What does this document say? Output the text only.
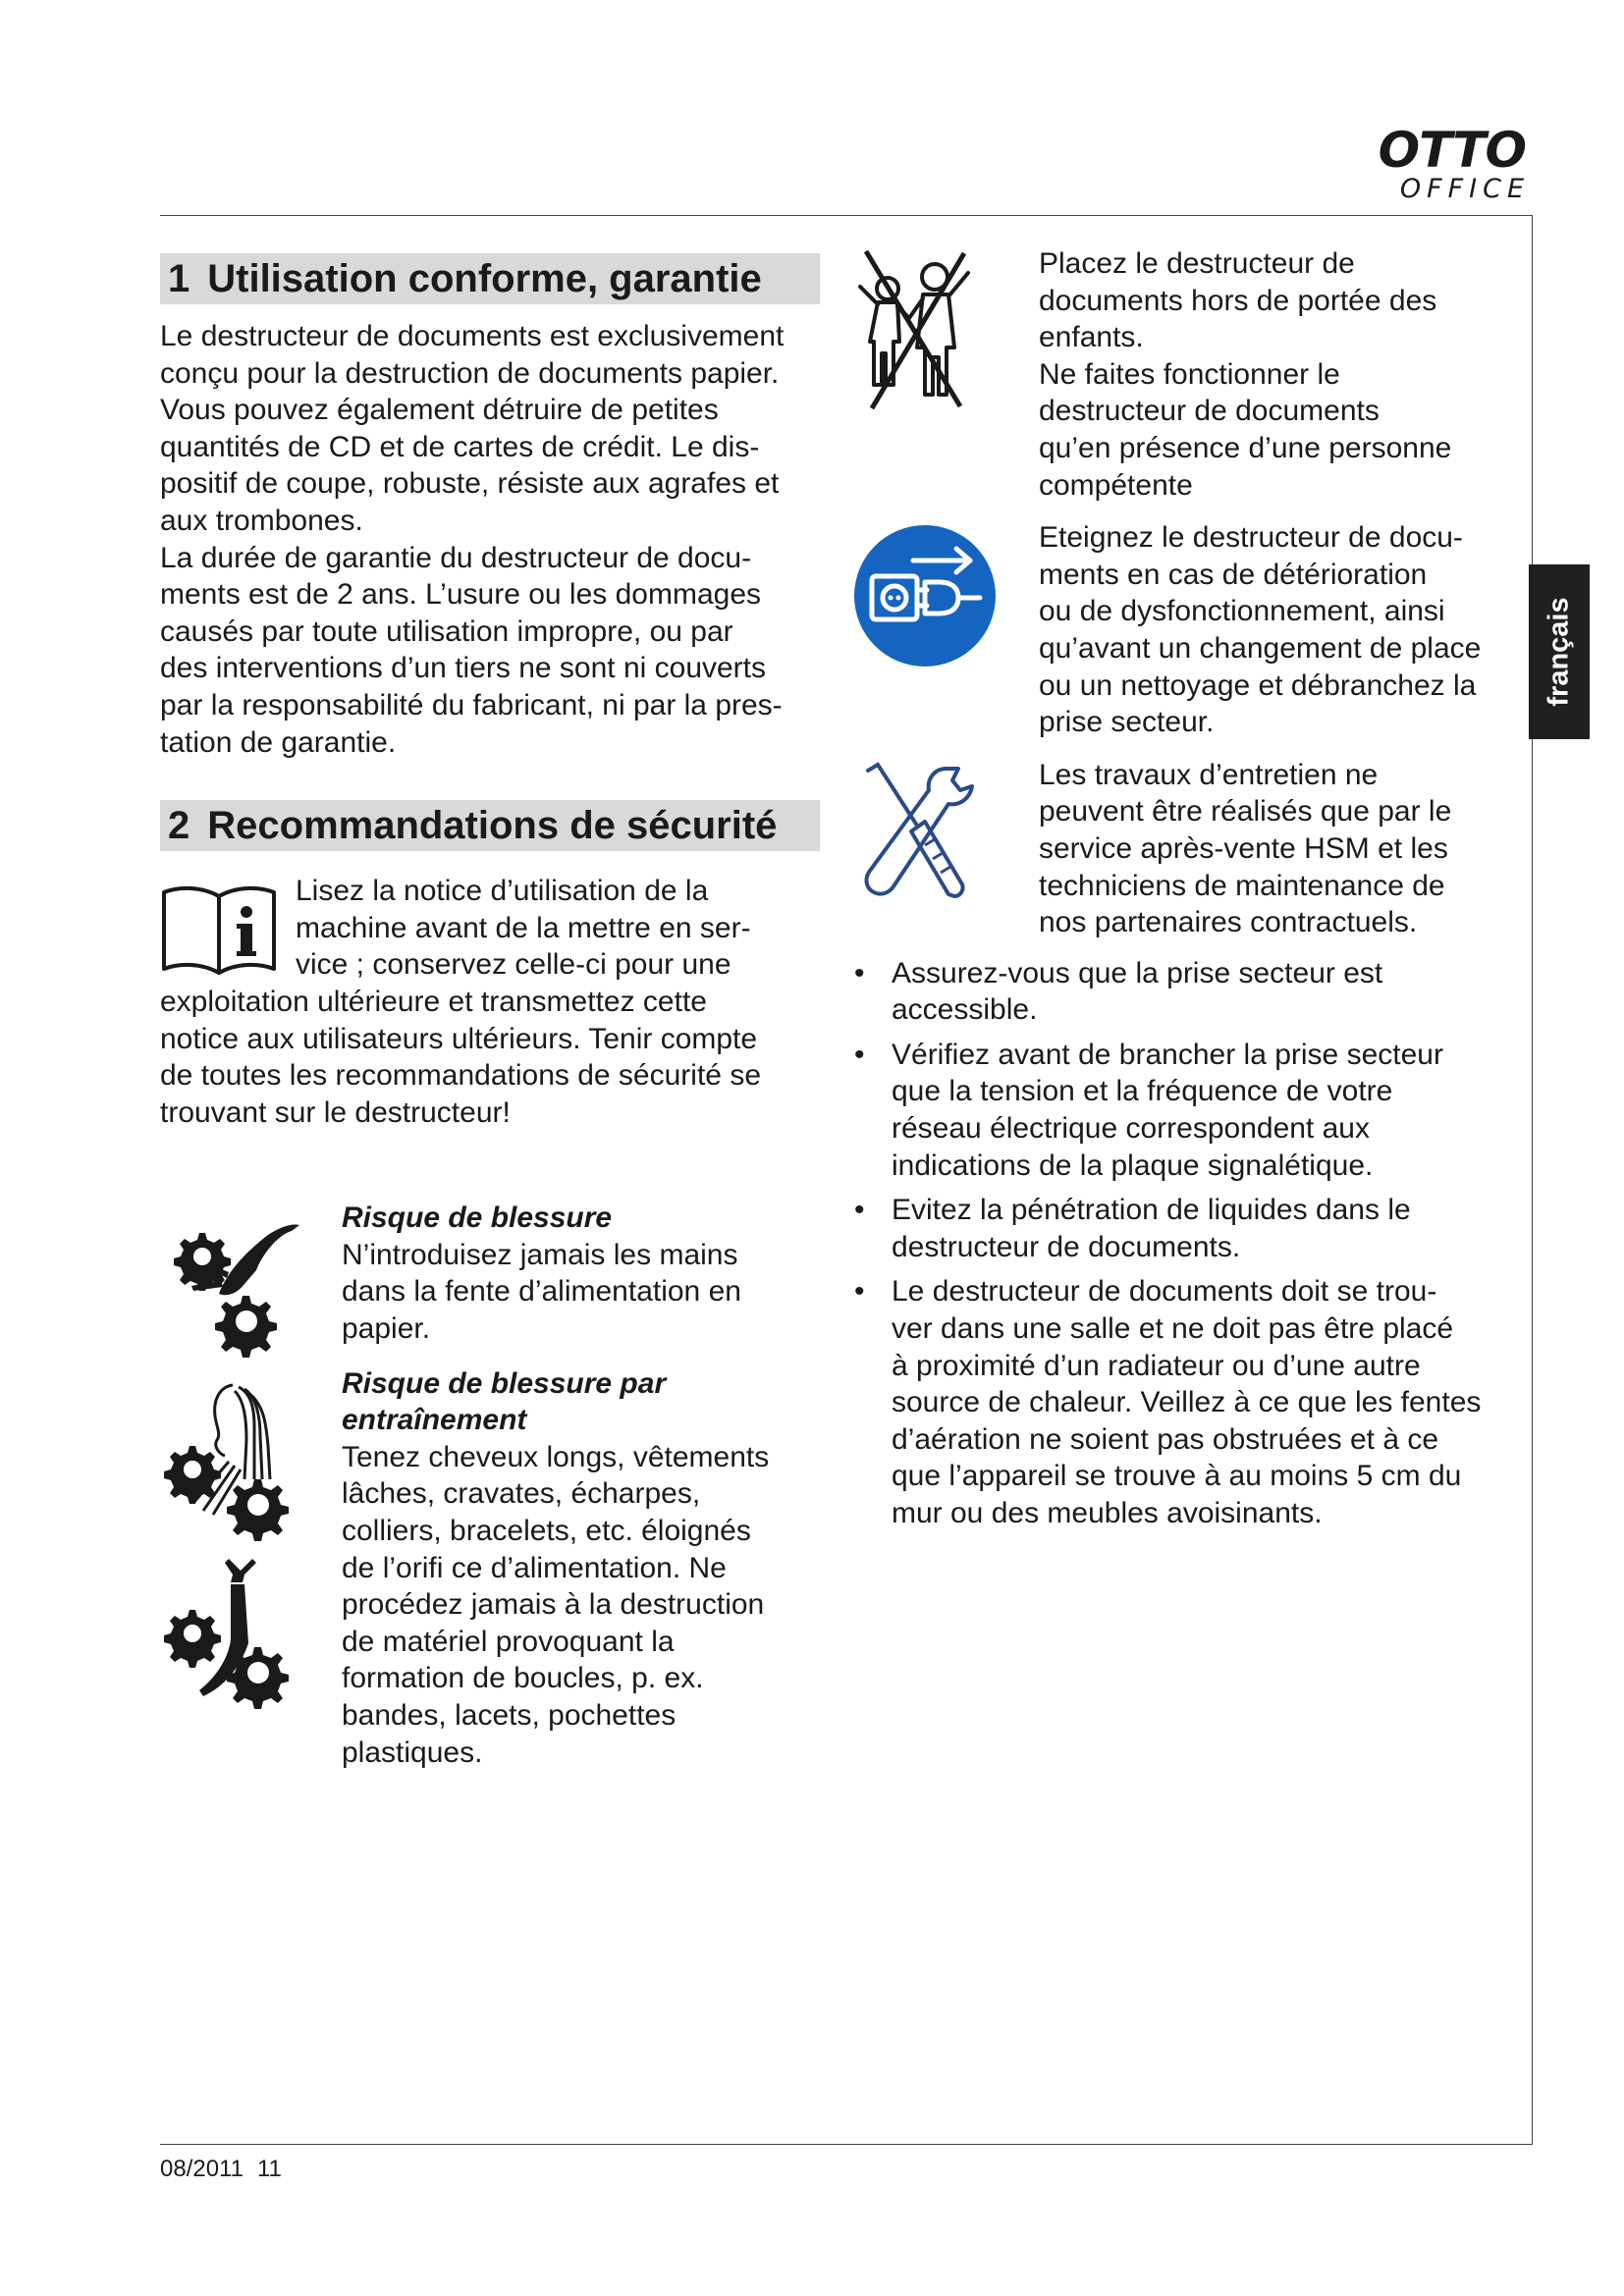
OTTO
OFFICE
français
1 Utilisation conforme, garantie

Le destructeur de documents est exclusivement
conçu pour la destruction de documents papier.
Vous pouvez également détruire de petites
quantités de CD et de cartes de crédit. Le dis-
positif de coupe, robuste, résiste aux agrafes et
aux trombones.

La durée de garantie du destructeur de docu-
ments est de 2 ans. L’usure ou les dommages
causés par toute utilisation impropre, ou par
des interventions d’un tiers ne sont ni couverts
par la responsabilité du fabricant, ni par la pres-
tation de garantie.

2 Recommandations de sécurité

Lisez la notice d’utilisation de la
machine avant de la mettre en ser-
vice ; conservez celle-ci pour une
exploitation ultérieure et transmettez cette
notice aux utilisateurs ultérieurs. Tenir compte
de toutes les recommandations de sécurité se
trouvant sur le destructeur!

Risque de blessure

N’introduisez jamais les mains
dans la fente d’alimentation en
papier.

Risque de blessure par
entraînement

Tenez cheveux longs, vêtements
lâches, cravates, écharpes,
colliers, bracelets, etc. éloignés
de l’orifi ce d’alimentation. Ne
procédez jamais à la destruction
de matériel provoquant la
formation de boucles, p. ex.
bandes, lacets, pochettes
plastiques.

Placez le destructeur de
documents hors de portée des
enfants.
Ne faites fonctionner le
destructeur de documents
qu’en présence d’une personne
compétente

Eteignez le destructeur de docu-
ments en cas de détérioration
ou de dysfonctionnement, ainsi
qu’avant un changement de place
ou un nettoyage et débranchez la
prise secteur.

Les travaux d’entretien ne
peuvent être réalisés que par le
service après-vente HSM et les
techniciens de maintenance de
nos partenaires contractuels.

• Assurez-vous que la prise secteur est
accessible.
• Vérifiez avant de brancher la prise secteur
que la tension et la fréquence de votre
réseau électrique correspondent aux
indications de la plaque signalétique.
• Evitez la pénétration de liquides dans le
destructeur de documents.
• Le destructeur de documents doit se trou-
ver dans une salle et ne doit pas être placé
à proximité d’un radiateur ou d’une autre
source de chaleur. Veillez à ce que les fentes
d’aération ne soient pas obstruées et à ce
que l’appareil se trouve à au moins 5 cm du
mur ou des meubles avoisinants.
08/2011 11
